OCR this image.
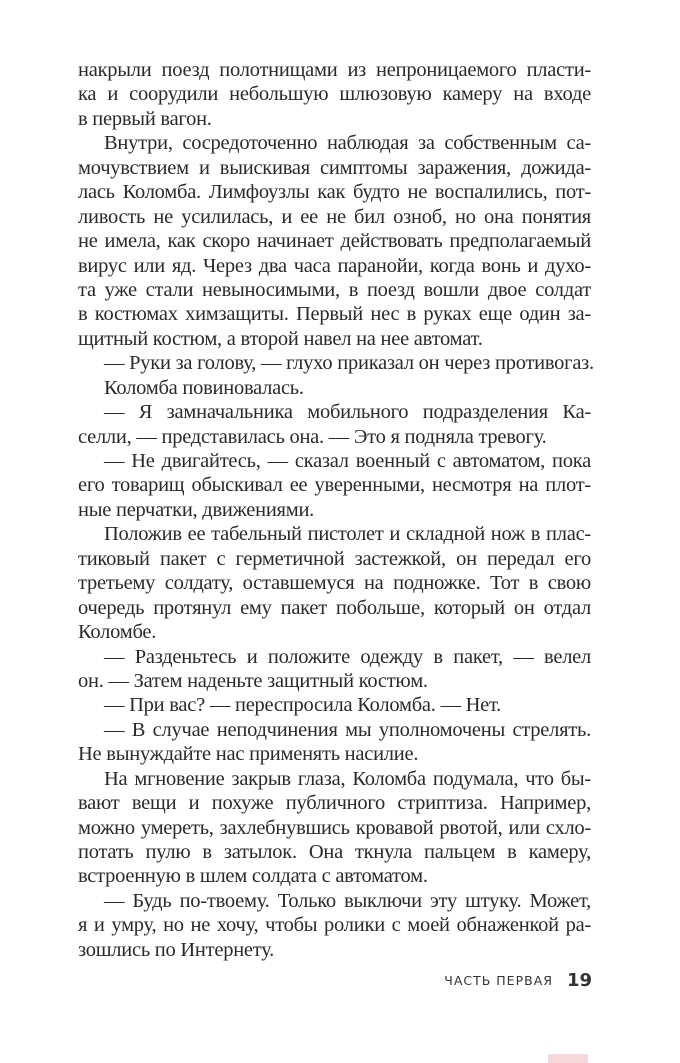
накрыли поезд полотнищами из непроницаемого пласти-
ка и соорудили небольшую шлюзовую камеру на входе
в первый вагон.
Внутри, сосредоточенно наблюдая за собственным са-
мочувствием и выискивая симптомы заражения, дожида-
лась Коломба. Лимфоузлы как будто не воспалились, пот-
ливость не усилилась, и ее не бил озноб, но она понятия
не имела, как скоро начинает действовать предполагаемый
вирус или яд. Через два часа паранойи, когда вонь и духо-
та уже стали невыносимыми, в поезд вошли двое солдат
в костюмах химзащиты. Первый нес в руках еще один за-
щитный костюм, а второй навел на нее автомат.
— Руки за голову, — глухо приказал он через противогаз.
Коломба повиновалась.
— Я замначальника мобильного подразделения Ка-
селли, — представилась она. — Это я подняла тревогу.
— Не двигайтесь, — сказал военный с автоматом, пока
его товарищ обыскивал ее уверенными, несмотря на плот-
ные перчатки, движениями.
Положив ее табельный пистолет и складной нож в плас-
тиковый пакет с герметичной застежкой, он передал его
третьему солдату, оставшемуся на подножке. Тот в свою
очередь протянул ему пакет побольше, который он отдал
Коломбе.
— Разденьтесь и положите одежду в пакет, — велел
он. — Затем наденьте защитный костюм.
— При вас? — переспросила Коломба. — Нет.
— В случае неподчинения мы уполномочены стрелять.
Не вынуждайте нас применять насилие.
На мгновение закрыв глаза, Коломба подумала, что бы-
вают вещи и похуже публичного стриптиза. Например,
можно умереть, захлебнувшись кровавой рвотой, или схло-
потать пулю в затылок. Она ткнула пальцем в камеру,
встроенную в шлем солдата с автоматом.
— Будь по-твоему. Только выключи эту штуку. Может,
я и умру, но не хочу, чтобы ролики с моей обнаженкой ра-
зошлись по Интернету.
ЧАСТЬ ПЕРВАЯ 19
